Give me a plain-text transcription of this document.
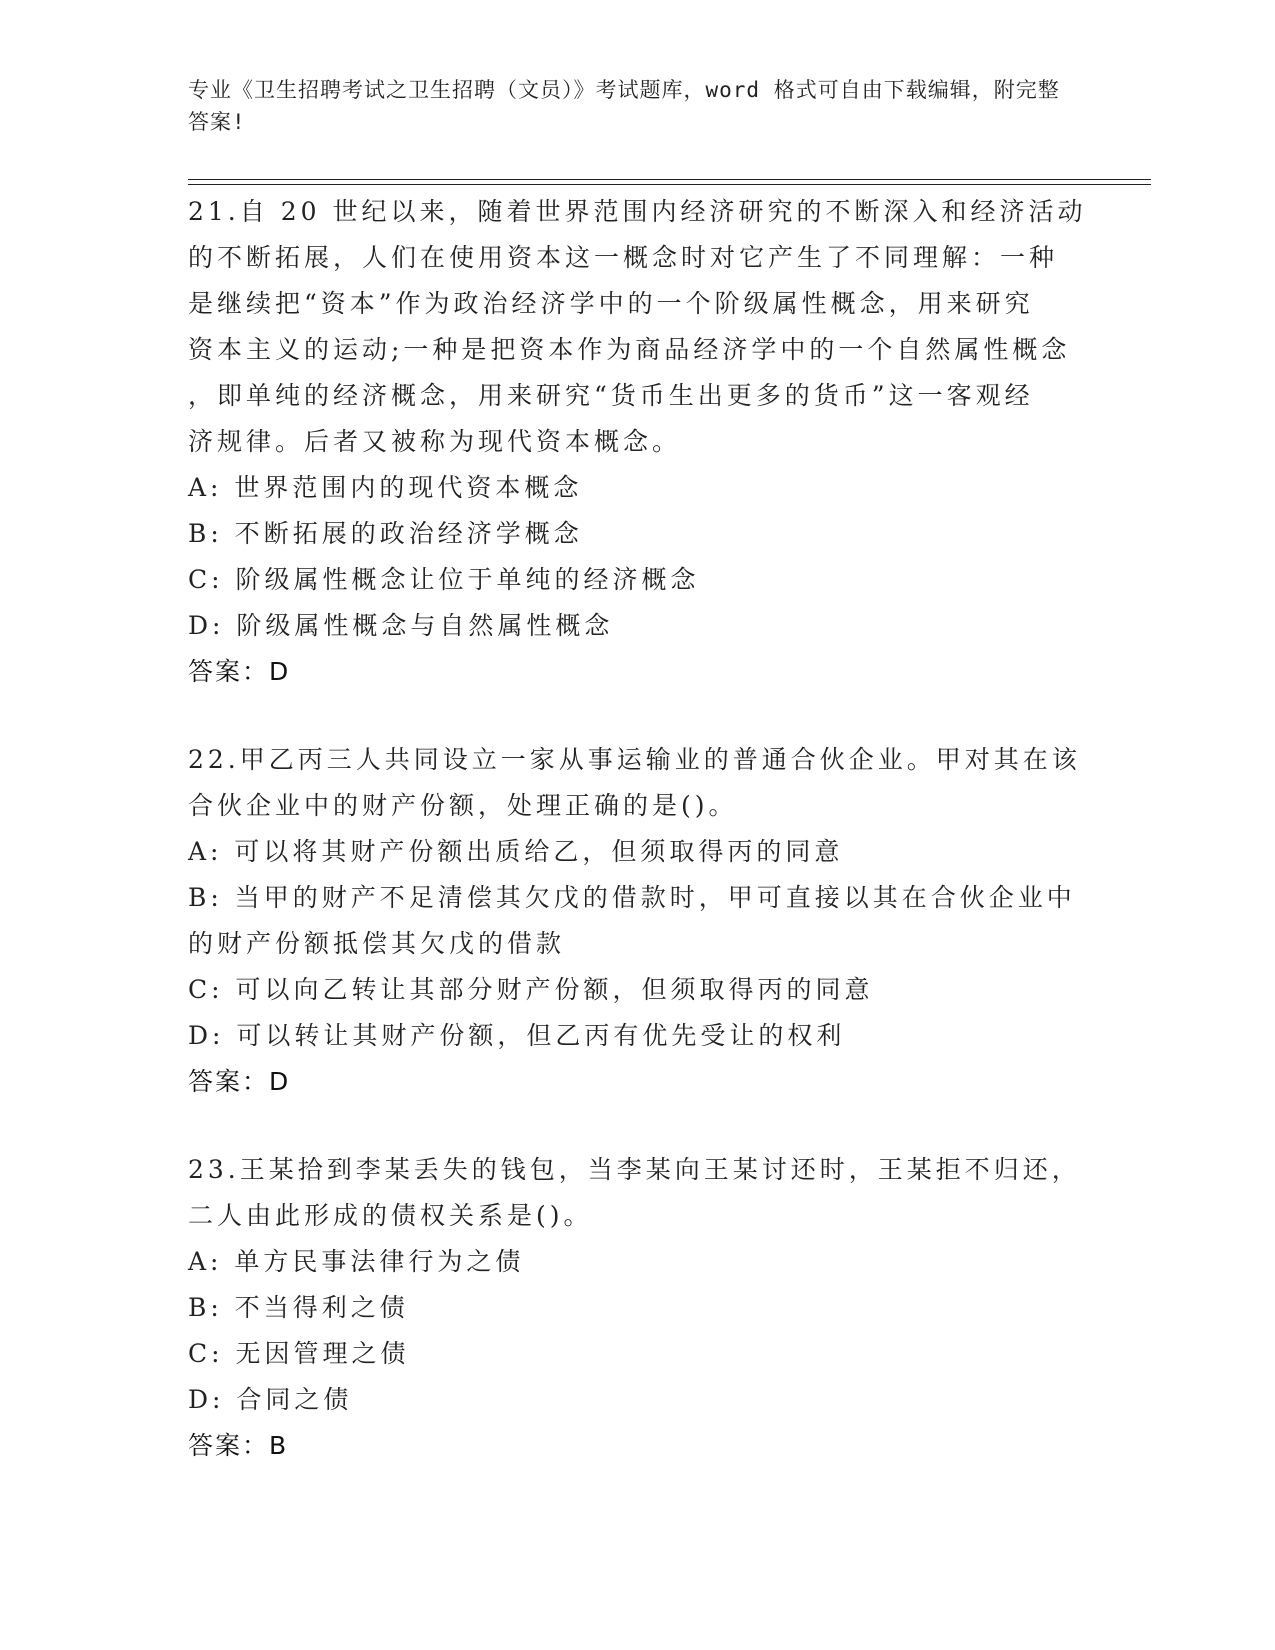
专业《卫生招聘考试之卫生招聘（文员）》考试题库，word 格式可自由下载编辑，附完整答案!
21.自 20 世纪以来，随着世界范围内经济研究的不断深入和经济活动
的不断拓展，人们在使用资本这一概念时对它产生了不同理解：一种
是继续把“资本”作为政治经济学中的一个阶级属性概念，用来研究
资本主义的运动;一种是把资本作为商品经济学中的一个自然属性概念
，即单纯的经济概念，用来研究“货币生出更多的货币”这一客观经
济规律。后者又被称为现代资本概念。
A: 世界范围内的现代资本概念
B: 不断拓展的政治经济学概念
C: 阶级属性概念让位于单纯的经济概念
D: 阶级属性概念与自然属性概念
答案：D
22.甲乙丙三人共同设立一家从事运输业的普通合伙企业。甲对其在该
合伙企业中的财产份额，处理正确的是()。
A: 可以将其财产份额出质给乙，但须取得丙的同意
B: 当甲的财产不足清偿其欠戊的借款时，甲可直接以其在合伙企业中
的财产份额抵偿其欠戊的借款
C: 可以向乙转让其部分财产份额，但须取得丙的同意
D: 可以转让其财产份额，但乙丙有优先受让的权利
答案：D
23.王某拾到李某丢失的钱包，当李某向王某讨还时，王某拒不归还，
二人由此形成的债权关系是()。
A: 单方民事法律行为之债
B: 不当得利之债
C: 无因管理之债
D: 合同之债
答案：B
